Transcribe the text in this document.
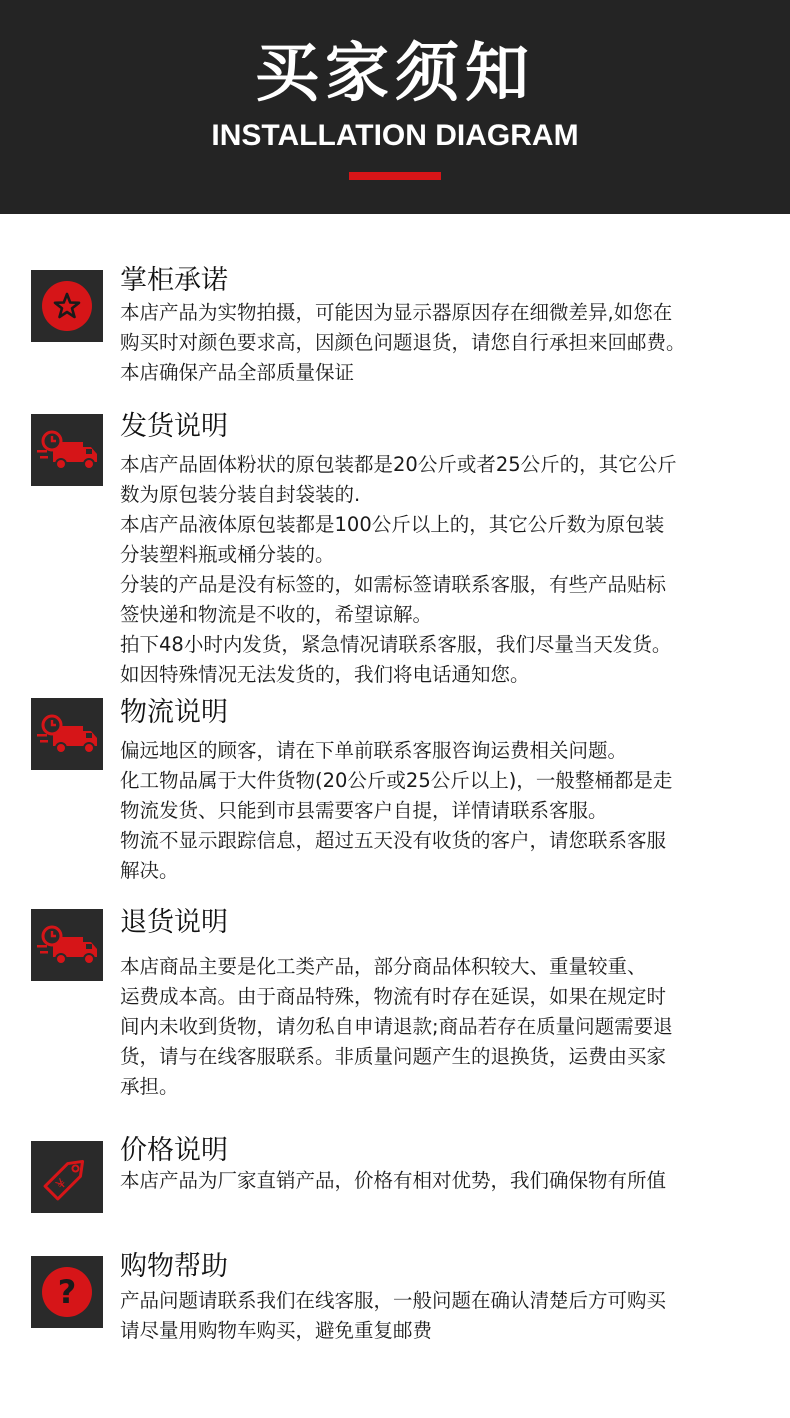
买家须知
INSTALLATION DIAGRAM
掌柜承诺
本店产品为实物拍摄，可能因为显示器原因存在细微差异,如您在
购买时对颜色要求高，因颜色问题退货，请您自行承担来回邮费。
本店确保产品全部质量保证
发货说明
本店产品固体粉状的原包装都是20公斤或者25公斤的，其它公斤
数为原包装分装自封袋装的.
本店产品液体原包装都是100公斤以上的，其它公斤数为原包装
分装塑料瓶或桶分装的。
分装的产品是没有标签的，如需标签请联系客服，有些产品贴标
签快递和物流是不收的，希望谅解。
拍下48小时内发货，紧急情况请联系客服，我们尽量当天发货。
如因特殊情况无法发货的，我们将电话通知您。
物流说明
偏远地区的顾客，请在下单前联系客服咨询运费相关问题。
化工物品属于大件货物(20公斤或25公斤以上)，一般整桶都是走
物流发货、只能到市县需要客户自提，详情请联系客服。
物流不显示跟踪信息，超过五天没有收货的客户，请您联系客服
解决。
退货说明
本店商品主要是化工类产品，部分商品体积较大、重量较重、
运费成本高。由于商品特殊，物流有时存在延误，如果在规定时
间内未收到货物，请勿私自申请退款;商品若存在质量问题需要退
货，请与在线客服联系。非质量问题产生的退换货，运费由买家
承担。
¥
价格说明
本店产品为厂家直销产品，价格有相对优势，我们确保物有所值
?
购物帮助
产品问题请联系我们在线客服，一般问题在确认清楚后方可购买
请尽量用购物车购买，避免重复邮费
